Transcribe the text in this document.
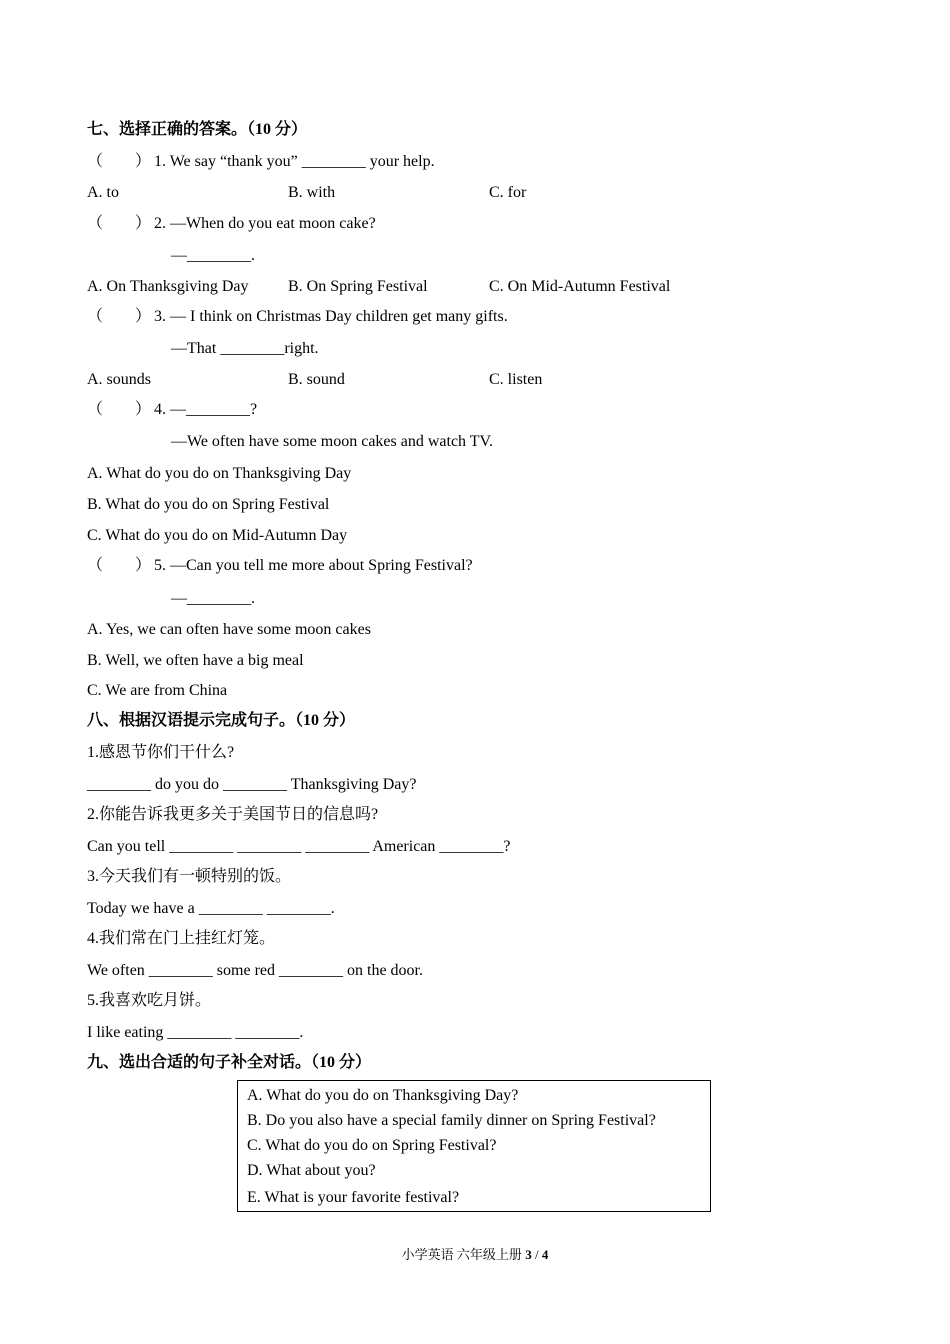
七、选择正确的答案。（10 分）
（　　） 1. We say “thank you” ________ your help.
A. to	B. with	C. for
（　　） 2. —When do you eat moon cake?
—________.
A. On Thanksgiving Day B. On Spring Festival	C. On Mid-Autumn Festival
（　　） 3. — I think on Christmas Day children get many gifts.
—That ________right.
A. sounds	B. sound	C. listen
（　　） 4. —________?
—We often have some moon cakes and watch TV.
A. What do you do on Thanksgiving Day
B. What do you do on Spring Festival
C. What do you do on Mid-Autumn Day
（　　） 5. —Can you tell me more about Spring Festival?
—________.
A. Yes, we can often have some moon cakes
B. Well, we often have a big meal
C. We are from China
八、根据汉语提示完成句子。（10 分）
1.感恩节你们干什么?
________ do you do ________ Thanksgiving Day?
2.你能告诉我更多关于美国节日的信息吗?
Can you tell ________ ________ ________ American ________?
3.今天我们有一顿特别的饭。
Today we have a ________ ________.
4.我们常在门上挂红灯笼。
We often ________ some red ________ on the door.
5.我喜欢吃月饼。
I like eating ________ ________.
九、选出合适的句子补全对话。（10 分）
A. What do you do on Thanksgiving Day?
B. Do you also have a special family dinner on Spring Festival?
C. What do you do on Spring Festival?
D. What about you?
E. What is your favorite festival?
小学英语 六年级上册 3 / 4
